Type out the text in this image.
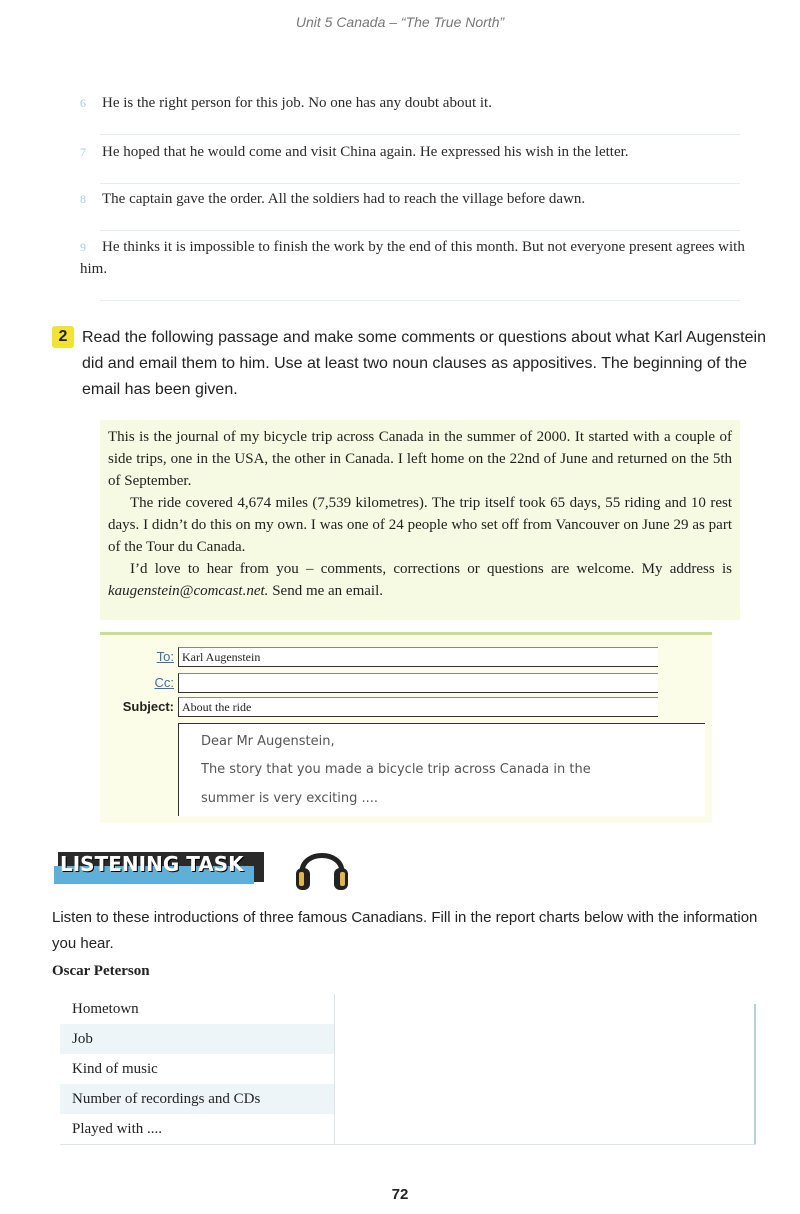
Unit 5 Canada – “The True North”
6 He is the right person for this job. No one has any doubt about it.
7 He hoped that he would come and visit China again. He expressed his wish in the letter.
8 The captain gave the order. All the soldiers had to reach the village before dawn.
9 He thinks it is impossible to finish the work by the end of this month. But not everyone present agrees with him.
2 Read the following passage and make some comments or questions about what Karl Augenstein did and email them to him. Use at least two noun clauses as appositives. The beginning of the email has been given.

This is the journal of my bicycle trip across Canada in the summer of 2000. It started with a couple of side trips, one in the USA, the other in Canada. I left home on the 22nd of June and returned on the 5th of September.

The ride covered 4,674 miles (7,539 kilometres). The trip itself took 65 days, 55 riding and 10 rest days. I didn’t do this on my own. I was one of 24 people who set off from Vancouver on June 29 as part of the Tour du Canada.

I’d love to hear from you – comments, corrections or questions are welcome. My address is kaugenstein@comcast.net. Send me an email.

To: Karl Augenstein
Cc:
Subject: About the ride
Dear Mr Augenstein,
The story that you made a bicycle trip across Canada in the
summer is very exciting ....
LISTENING TASK
Listen to these introductions of three famous Canadians. Fill in the report charts below with the information you hear.
Oscar Peterson
Hometown
Job
Kind of music
Number of recordings and CDs
Played with ....
72
